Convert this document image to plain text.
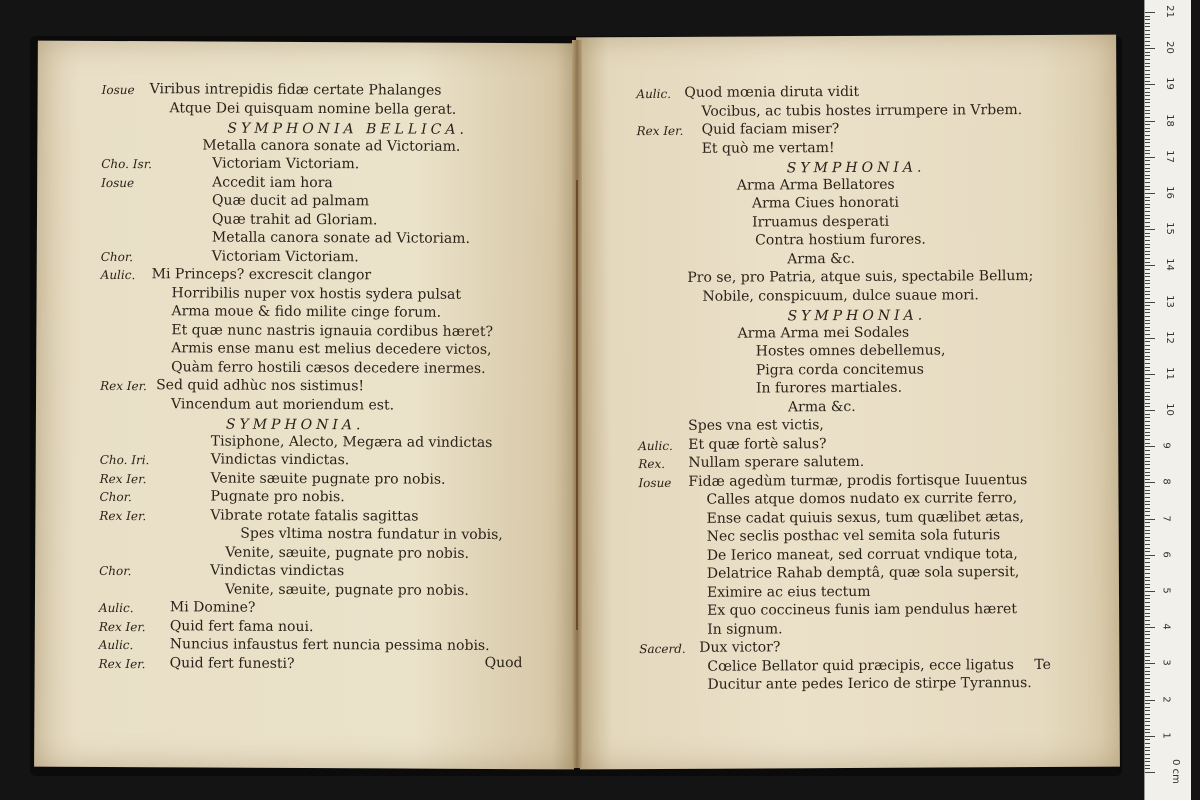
Iosue Viribus intrepidis fidæ certate Phalanges
Atque Dei quisquam nomine bella gerat.
SYMPHONIA BELLICA.
Metalla canora sonate ad Victoriam.
Cho. Isr.	Victoriam Victoriam.
Iosue	Accedit iam hora
Quæ ducit ad palmam
Quæ trahit ad Gloriam.
Metalla canora sonate ad Victoriam.
Chor.	Victoriam Victoriam.
Aulic. Mi Princeps? excrescit clangor
Horribilis nuper vox hostis sydera pulsat
Arma moue & fido milite cinge forum.
Et quæ nunc nastris ignauia cordibus hæret?
Armis ense manu est melius decedere victos,
Quàm ferro hostili cæsos decedere inermes.
Rex Ier. Sed quid adhùc nos sistimus!
Vincendum aut moriendum est.
SYMPHONIA.
Tisiphone, Alecto, Megæra ad vindictas
Cho. Iri.	Vindictas vindictas.
Rex Ier.	Venite sæuite pugnate pro nobis.
Chor.	Pugnate pro nobis.
Rex Ier.	Vibrate rotate fatalis sagittas
Spes vltima nostra fundatur in vobis,
Venite, sæuite, pugnate pro nobis.
Chor.	Vindictas vindictas
Venite, sæuite, pugnate pro nobis.
Aulic.	Mi Domine?
Rex Ier. Quid fert fama noui.
Aulic.	Nuncius infaustus fert nuncia pessima nobis.
Rex Ier. Quid fert funesti?	Quod
Aulic. Quod mœnia diruta vidit
Vocibus, ac tubis hostes irrumpere in Vrbem.
Rex Ier. Quid faciam miser?
Et quò me vertam!
SYMPHONIA.
Arma Arma Bellatores
Arma Ciues honorati
Irruamus desperati
Contra hostium furores.
Arma &c.
Pro se, pro Patria, atque suis, spectabile Bellum;
Nobile, conspicuum, dulce suaue mori.
SYMPHONIA.
Arma Arma mei Sodales
Hostes omnes debellemus,
Pigra corda concitemus
In furores martiales.
Arma &c.
Spes vna est victis,
Aulic. Et quæ fortè salus?
Rex. Nullam sperare salutem.
Iosue Fidæ agedùm turmæ, prodis fortisque Iuuentus
Calles atque domos nudato ex currite ferro,
Ense cadat quiuis sexus, tum quælibet ætas,
Nec seclis posthac vel semita sola futuris
De Ierico maneat, sed corruat vndique tota,
Delatrice Rahab demptâ, quæ sola supersit,
Eximire ac eius tectum
Ex quo coccineus funis iam pendulus hæret
In signum.
Sacerd. Dux victor?
Cœlice Bellator quid præcipis, ecce ligatus
Ducitur ante pedes Ierico de stirpe Tyrannus.
Te
21
20
19
18
17
16
15
14
13
12
11
10
9
8
7
6
5
4
3
2
1
0 cm
